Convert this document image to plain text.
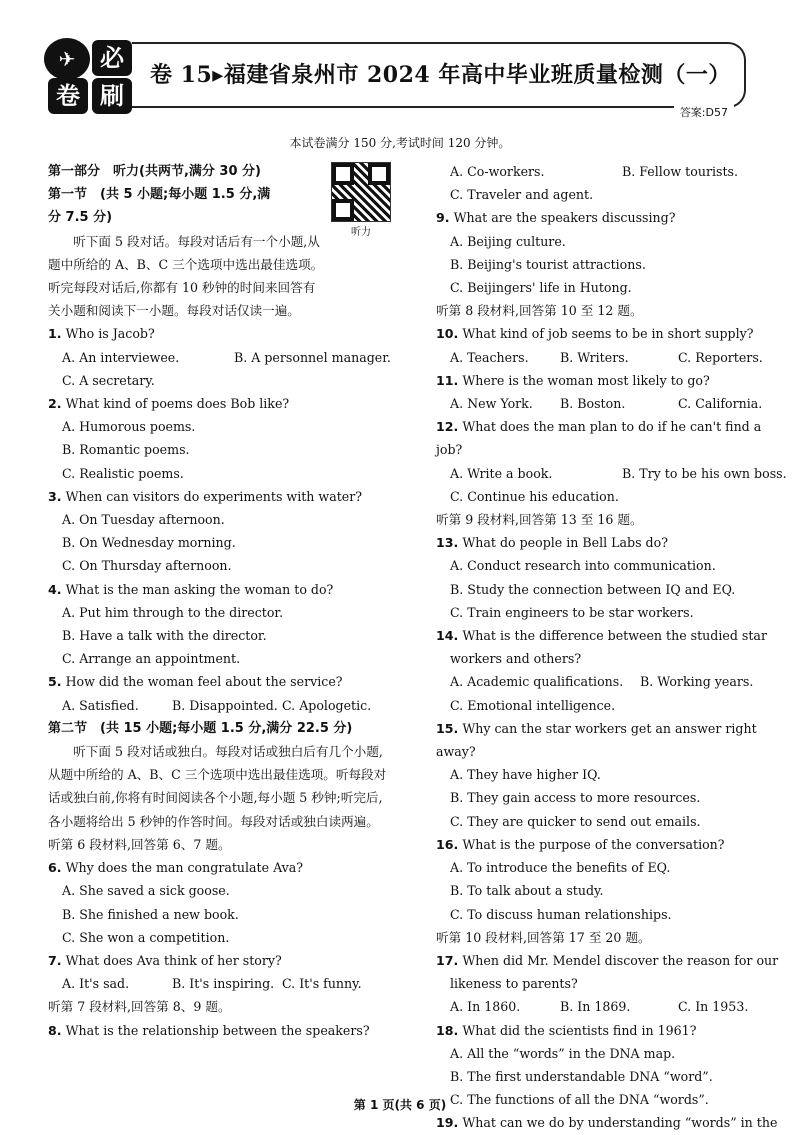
✈	必
卷 刷
卷 15▸福建省泉州市 2024 年高中毕业班质量检测（一）
答案:D57
本试卷满分 150 分,考试时间 120 分钟。
听力
第一部分　听力(共两节,满分 30 分)
第一节　(共 5 小题;每小题 1.5 分,满
分 7.5 分)
听下面 5 段对话。每段对话后有一个小题,从题中所给的 A、B、C 三个选项中选出最佳选项。听完每段对话后,你都有 10 秒钟的时间来回答有关小题和阅读下一小题。每段对话仅读一遍。
1. Who is Jacob?
A. An interviewee.	B. A personnel manager.
C. A secretary.
2. What kind of poems does Bob like?
A. Humorous poems.
B. Romantic poems.
C. Realistic poems.
3. When can visitors do experiments with water?
A. On Tuesday afternoon.
B. On Wednesday morning.
C. On Thursday afternoon.
4. What is the man asking the woman to do?
A. Put him through to the director.
B. Have a talk with the director.
C. Arrange an appointment.
5. How did the woman feel about the service?
A. Satisfied.	B. Disappointed. C. Apologetic.
第二节　(共 15 小题;每小题 1.5 分,满分 22.5 分)
听下面 5 段对话或独白。每段对话或独白后有几个小题,从题中所给的 A、B、C 三个选项中选出最佳选项。听每段对话或独白前,你将有时间阅读各个小题,每小题 5 秒钟;听完后,各小题将给出 5 秒钟的作答时间。每段对话或独白读两遍。
听第 6 段材料,回答第 6、7 题。
6. Why does the man congratulate Ava?
A. She saved a sick goose.
B. She finished a new book.
C. She won a competition.
7. What does Ava think of her story?
A. It's sad.	B. It's inspiring. C. It's funny.
听第 7 段材料,回答第 8、9 题。
8. What is the relationship between the speakers?
A. Co-workers.	B. Fellow tourists.
C. Traveler and agent.
9. What are the speakers discussing?
A. Beijing culture.
B. Beijing's tourist attractions.
C. Beijingers' life in Hutong.
听第 8 段材料,回答第 10 至 12 题。
10. What kind of job seems to be in short supply?
A. Teachers.	B. Writers.	C. Reporters.
11. Where is the woman most likely to go?
A. New York.	B. Boston.	C. California.
12. What does the man plan to do if he can't find a job?
A. Write a book.	B. Try to be his own boss.
C. Continue his education.
听第 9 段材料,回答第 13 至 16 题。
13. What do people in Bell Labs do?
A. Conduct research into communication.
B. Study the connection between IQ and EQ.
C. Train engineers to be star workers.
14. What is the difference between the studied star
workers and others?
A. Academic qualifications.	B. Working years.
C. Emotional intelligence.
15. Why can the star workers get an answer right away?
A. They have higher IQ.
B. They gain access to more resources.
C. They are quicker to send out emails.
16. What is the purpose of the conversation?
A. To introduce the benefits of EQ.
B. To talk about a study.
C. To discuss human relationships.
听第 10 段材料,回答第 17 至 20 题。
17. When did Mr. Mendel discover the reason for our
likeness to parents?
A. In 1860.	B. In 1869.	C. In 1953.
18. What did the scientists find in 1961?
A. All the “words” in the DNA map.
B. The first understandable DNA “word”.
C. The functions of all the DNA “words”.
19. What can we do by understanding “words” in the
第 1 页(共 6 页)
